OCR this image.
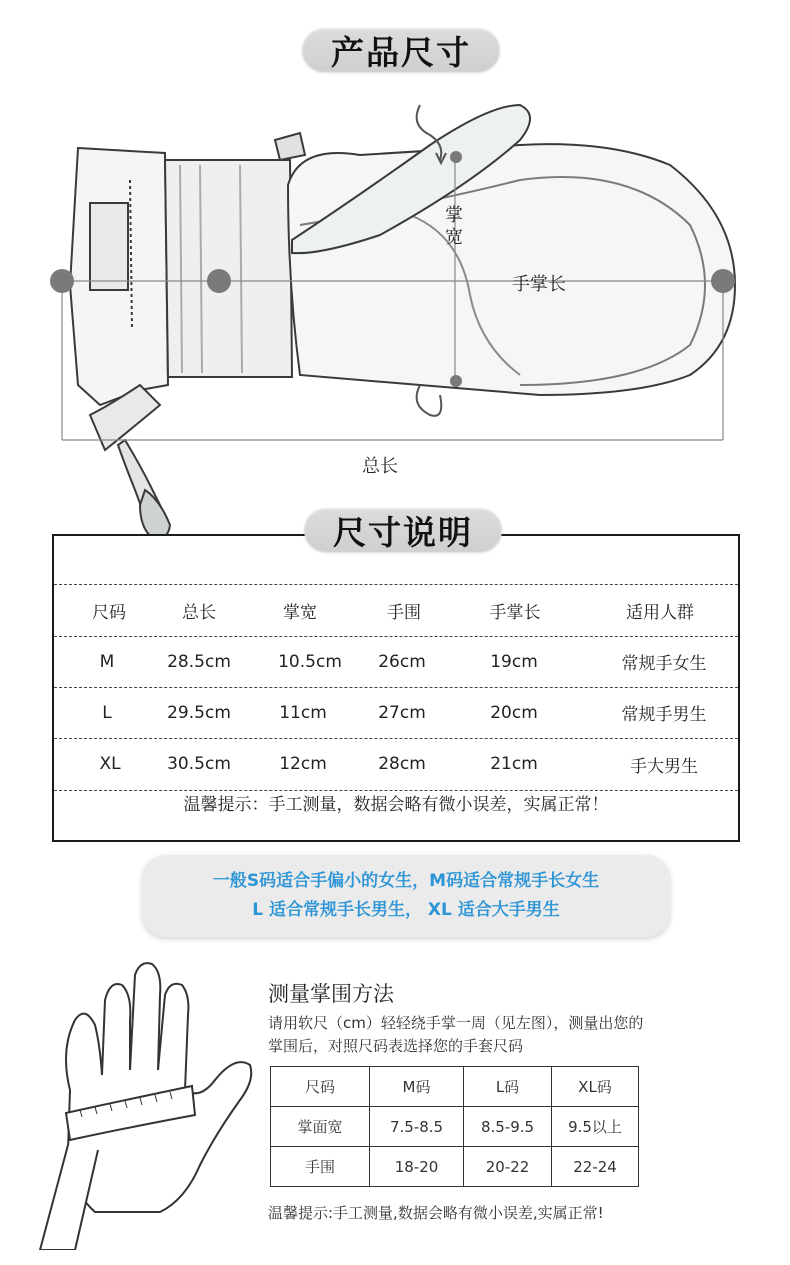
产品尺寸
掌宽
手掌长
总长
尺寸说明
尺码	总长	掌宽	手围	手掌长	适用人群
M	28.5cm	10.5cm 26cm	19cm	常规手女生
L	29.5cm	11cm	27cm	20cm	常规手男生
XL	30.5cm	12cm	28cm	21cm	手大男生
温馨提示：手工测量，数据会略有微小误差，实属正常！
一般S码适合手偏小的女生，M码适合常规手长女生
L 适合常规手长男生， XL 适合大手男生
测量掌围方法
请用软尺（cm）轻轻绕手掌一周（见左图），测量出您的
掌围后，对照尺码表选择您的手套尺码
尺码	M码	L码	XL码
掌面宽	7.5-8.5	8.5-9.5	9.5以上
手围	18-20	20-22	22-24
温馨提示:手工测量,数据会略有微小误差,实属正常!
